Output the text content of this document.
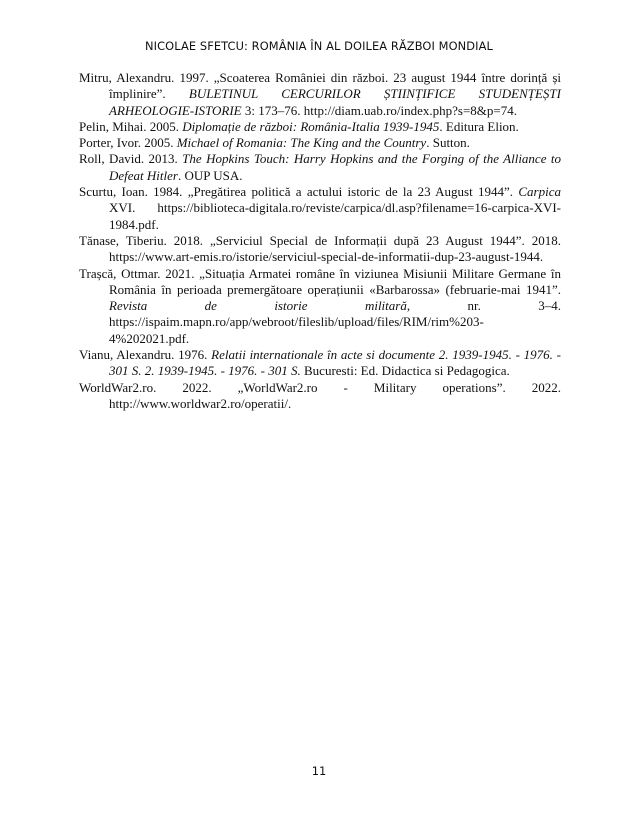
NICOLAE SFETCU: ROMÂNIA ÎN AL DOILEA RĂZBOI MONDIAL
Mitru, Alexandru. 1997. „Scoaterea României din război. 23 august 1944 între dorință și împlinire”. BULETINUL CERCURILOR ȘTIINȚIFICE STUDENȚEȘTI ARHEOLOGIE-ISTORIE 3: 173–76. http://diam.uab.ro/index.php?s=8&p=74.
Pelin, Mihai. 2005. Diplomație de război: România-Italia 1939-1945. Editura Elion.
Porter, Ivor. 2005. Michael of Romania: The King and the Country. Sutton.
Roll, David. 2013. The Hopkins Touch: Harry Hopkins and the Forging of the Alliance to Defeat Hitler. OUP USA.
Scurtu, Ioan. 1984. „Pregătirea politică a actului istoric de la 23 August 1944”. Carpica XVI. https://biblioteca-digitala.ro/reviste/carpica/dl.asp?filename=16-carpica-XVI-1984.pdf.
Tănase, Tiberiu. 2018. „Serviciul Special de Informații după 23 August 1944”. 2018. https://www.art-emis.ro/istorie/serviciul-special-de-informatii-dup-23-august-1944.
Trașcă, Ottmar. 2021. „Situația Armatei române în viziunea Misiunii Militare Germane în România în perioada premergătoare operațiunii «Barbarossa» (februarie-mai 1941”. Revista de istorie militară, nr. 3–4. https://ispaim.mapn.ro/app/webroot/fileslib/upload/files/RIM/rim%203-4%202021.pdf.
Vianu, Alexandru. 1976. Relatii internationale în acte si documente 2. 1939-1945. - 1976. - 301 S. 2. 1939-1945. - 1976. - 301 S. Bucuresti: Ed. Didactica si Pedagogica.
WorldWar2.ro. 2022. „WorldWar2.ro - Military operations”. 2022. http://www.worldwar2.ro/operatii/.
11
